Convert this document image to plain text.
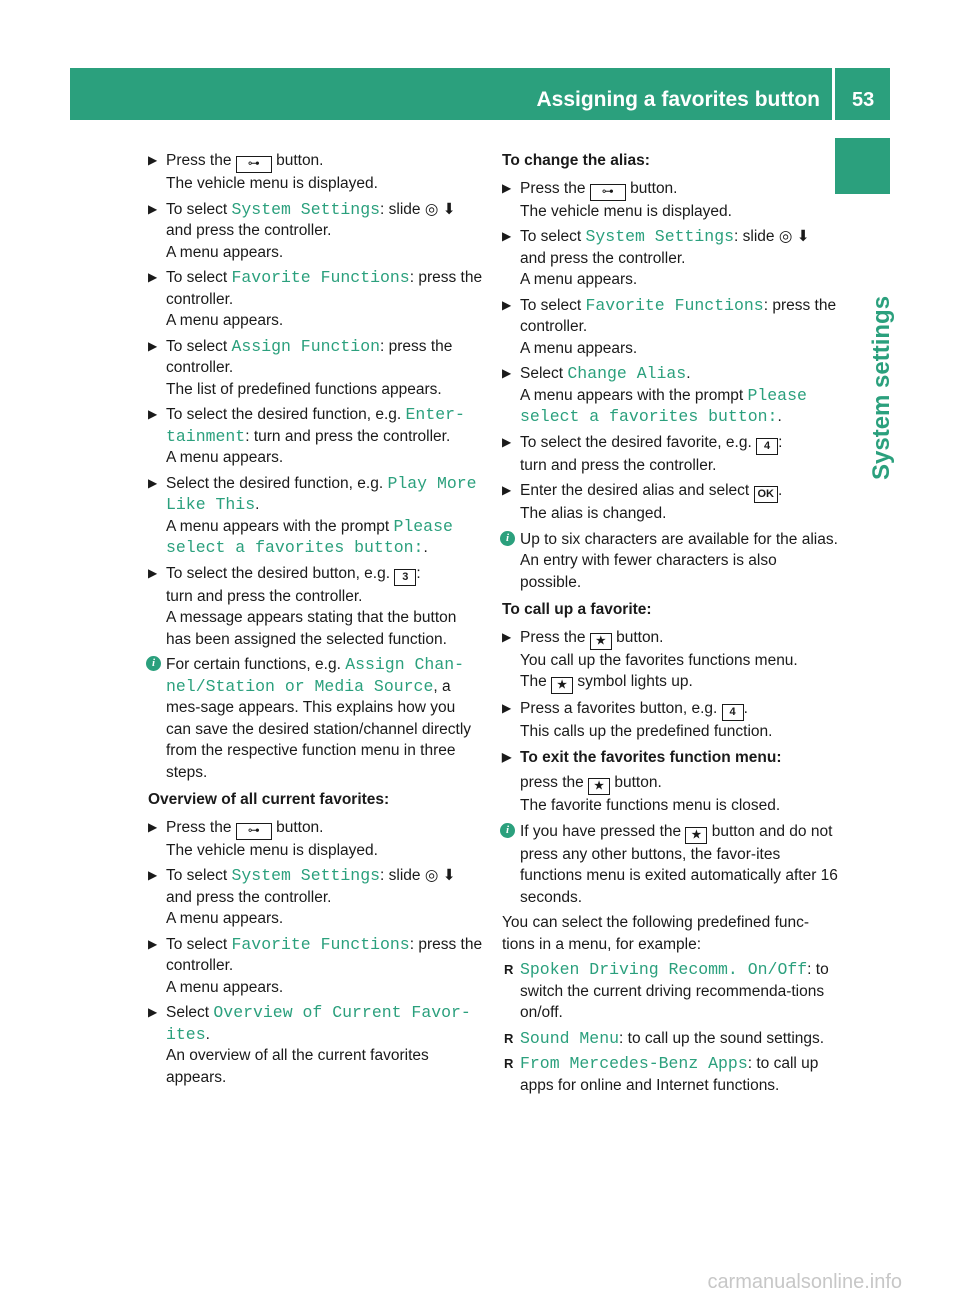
Assigning a favorites button 53
System settings
▶ Press the ⊶ button.
The vehicle menu is displayed.
▶ To select System Settings: slide ◎ ⬇
and press the controller.
A menu appears.
▶ To select Favorite Functions: press the controller.
A menu appears.
▶ To select Assign Function: press the controller.
The list of predefined functions appears.
▶ To select the desired function, e.g. Enter‐tainment: turn and press the controller.
A menu appears.
▶ Select the desired function, e.g. Play More Like This.
A menu appears with the prompt Please select a favorites button:.
▶ To select the desired button, e.g. 3 :
turn and press the controller.
A message appears stating that the button has been assigned the selected function.
i For certain functions, e.g. Assign Chan‐nel/Station or Media Source, a mes-sage appears. This explains how you can save the desired station/channel directly from the respective function menu in three steps.
Overview of all current favorites:
▶ Press the ⊶ button.
The vehicle menu is displayed.
▶ To select System Settings: slide ◎ ⬇
and press the controller.
A menu appears.
▶ To select Favorite Functions: press the controller.
A menu appears.
▶ Select Overview of Current Favor‐ites.
An overview of all the current favorites appears.
To change the alias:
▶ Press the ⊶ button.
The vehicle menu is displayed.
▶ To select System Settings: slide ◎ ⬇
and press the controller.
A menu appears.
▶ To select Favorite Functions: press the controller.
A menu appears.
▶ Select Change Alias.
A menu appears with the prompt Please select a favorites button:.
▶ To select the desired favorite, e.g. 4 :
turn and press the controller.
▶ Enter the desired alias and select OK .
The alias is changed.
i Up to six characters are available for the alias. An entry with fewer characters is also possible.
To call up a favorite:
▶ Press the ★ button.
You call up the favorites functions menu.
The ★ symbol lights up.
▶ Press a favorites button, e.g. 4 .
This calls up the predefined function.
▶ To exit the favorites function menu:
press the ★ button.
The favorite functions menu is closed.
i If you have pressed the ★ button and do not press any other buttons, the favor-ites functions menu is exited automatically after 16 seconds.
You can select the following predefined func-tions in a menu, for example:
R Spoken Driving Recomm. On/Off: to switch the current driving recommenda-tions on/off.
R Sound Menu: to call up the sound settings.
R From Mercedes-Benz Apps: to call up apps for online and Internet functions.
carmanualsonline.info
